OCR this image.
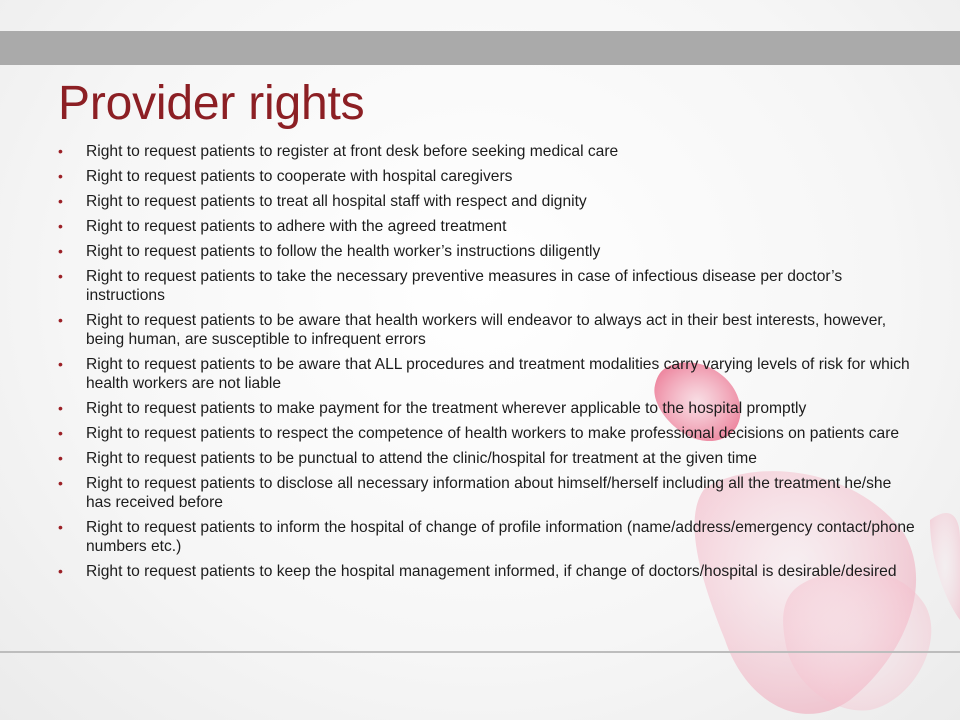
Provider rights
• Right to request patients to register at front desk before seeking medical care
• Right to request patients to cooperate with hospital caregivers
• Right to request patients to treat all hospital staff with respect and dignity
• Right to request patients to adhere with the agreed treatment
• Right to request patients to follow the health worker’s instructions diligently
• Right to request patients to take the necessary preventive measures in case of infectious disease per doctor’s instructions
• Right to request patients to be aware that health workers will endeavor to always act in their best interests, however, being human, are susceptible to infrequent errors
• Right to request patients to be aware that ALL procedures and treatment modalities carry varying levels of risk for which health workers are not liable
• Right to request patients to make payment for the treatment wherever applicable to the hospital promptly
• Right to request patients to respect the competence of health workers to make professional decisions on patients care
• Right to request patients to be punctual to attend the clinic/hospital for treatment at the given time
• Right to request patients to disclose all necessary information about himself/herself including all the treatment he/she has received before
• Right to request patients to inform the hospital of change of profile information (name/address/emergency contact/phone numbers etc.)
• Right to request patients to keep the hospital management informed, if change of doctors/hospital is desirable/desired
